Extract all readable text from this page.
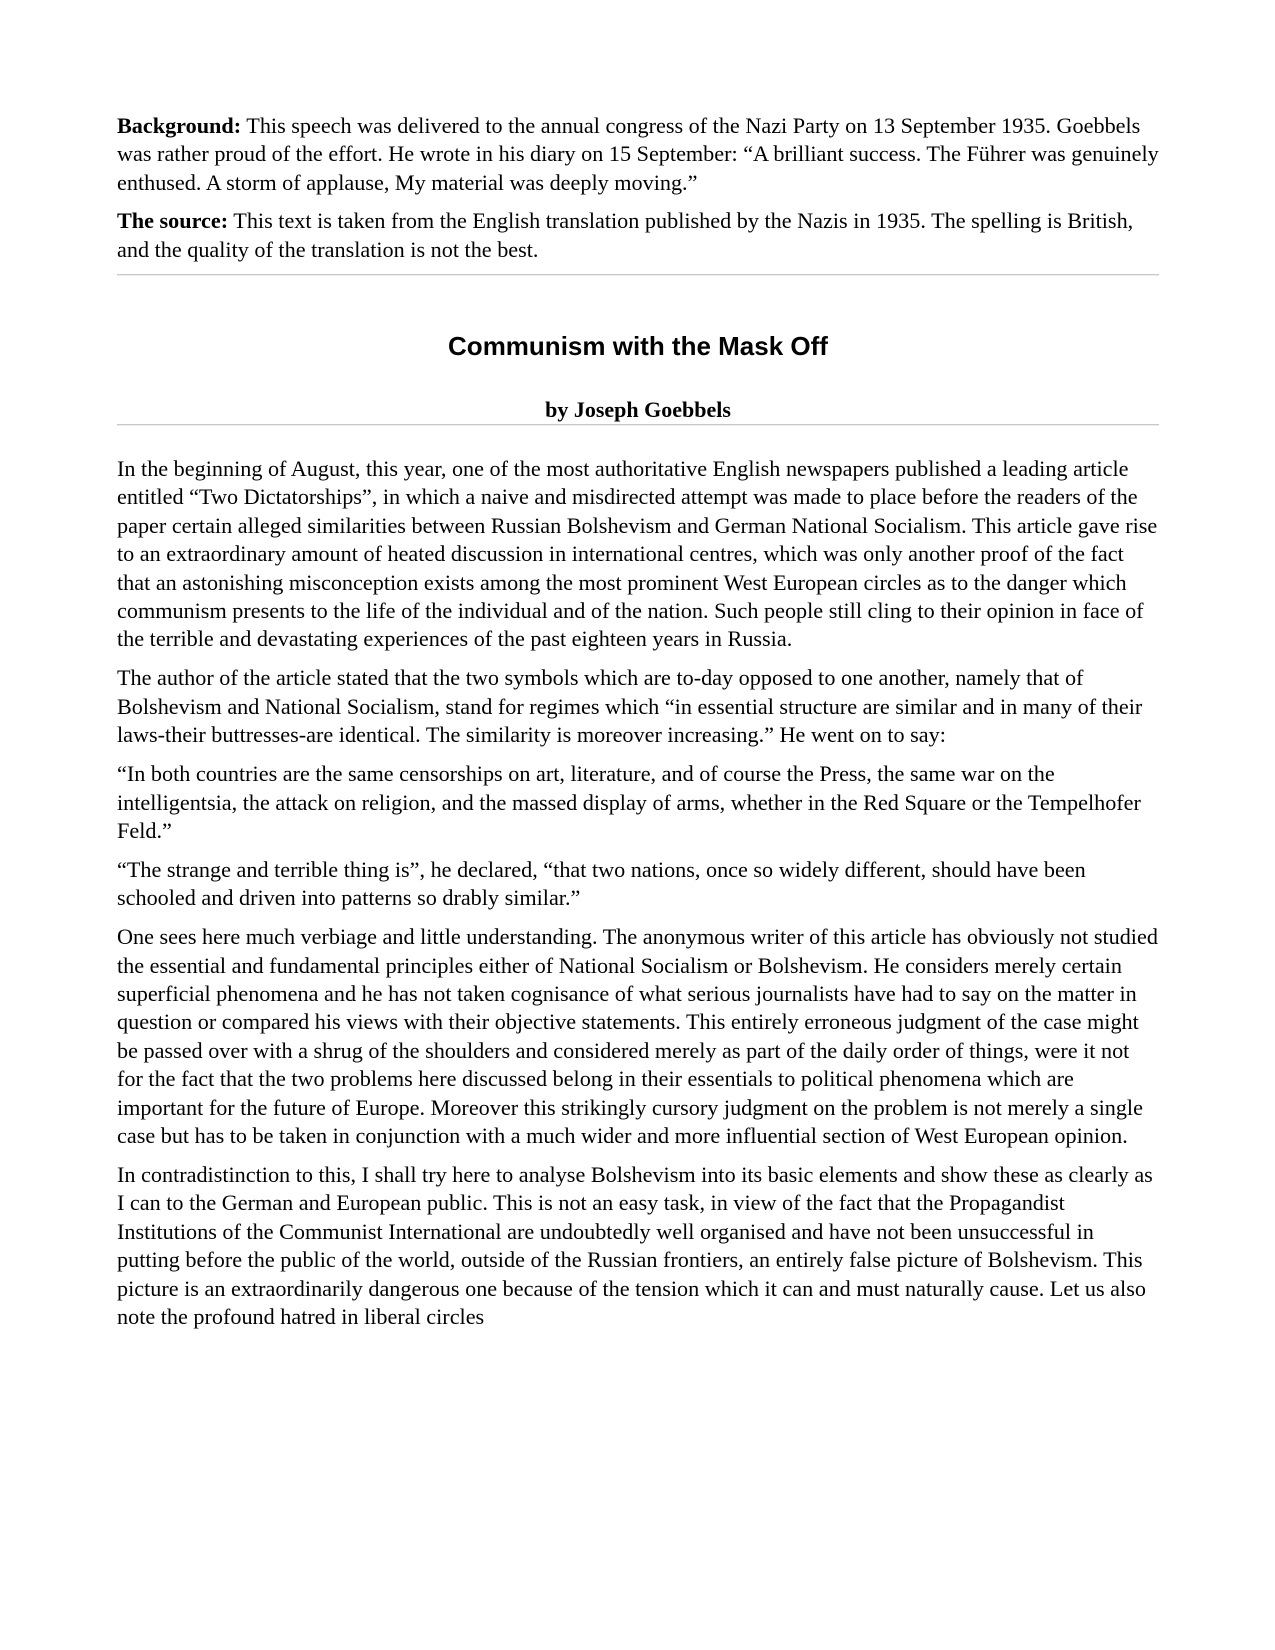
Background: This speech was delivered to the annual congress of the Nazi Party on 13 September 1935. Goebbels was rather proud of the effort. He wrote in his diary on 15 September: “A brilliant success. The Führer was genuinely enthused. A storm of applause, My material was deeply moving.”

The source: This text is taken from the English translation published by the Nazis in 1935. The spelling is British, and the quality of the translation is not the best.

Communism with the Mask Off
by Joseph Goebbels

In the beginning of August, this year, one of the most authoritative English newspapers published a leading article entitled “Two Dictatorships”, in which a naive and misdirected attempt was made to place before the readers of the paper certain alleged similarities between Russian Bolshevism and German National Socialism. This article gave rise to an extraordinary amount of heated discussion in international centres, which was only another proof of the fact that an astonishing misconception exists among the most prominent West European circles as to the danger which communism presents to the life of the individual and of the nation. Such people still cling to their opinion in face of the terrible and devastating experiences of the past eighteen years in Russia.

The author of the article stated that the two symbols which are to-day opposed to one another, namely that of Bolshevism and National Socialism, stand for regimes which “in essential structure are similar and in many of their laws-their buttresses-are identical. The similarity is moreover increasing.” He went on to say:

“In both countries are the same censorships on art, literature, and of course the Press, the same war on the intelligentsia, the attack on religion, and the massed display of arms, whether in the Red Square or the Tempelhofer Feld.”

“The strange and terrible thing is”, he declared, “that two nations, once so widely different, should have been schooled and driven into patterns so drably similar.”

One sees here much verbiage and little understanding. The anonymous writer of this article has obviously not studied the essential and fundamental principles either of National Socialism or Bolshevism. He considers merely certain superficial phenomena and he has not taken cognisance of what serious journalists have had to say on the matter in question or compared his views with their objective statements. This entirely erroneous judgment of the case might be passed over with a shrug of the shoulders and considered merely as part of the daily order of things, were it not for the fact that the two problems here discussed belong in their essentials to political phenomena which are important for the future of Europe. Moreover this strikingly cursory judgment on the problem is not merely a single case but has to be taken in conjunction with a much wider and more influential section of West European opinion.

In contradistinction to this, I shall try here to analyse Bolshevism into its basic elements and show these as clearly as I can to the German and European public. This is not an easy task, in view of the fact that the Propagandist Institutions of the Communist International are undoubtedly well organised and have not been unsuccessful in putting before the public of the world, outside of the Russian frontiers, an entirely false picture of Bolshevism. This picture is an extraordinarily dangerous one because of the tension which it can and must naturally cause. Let us also note the profound hatred in liberal circles
